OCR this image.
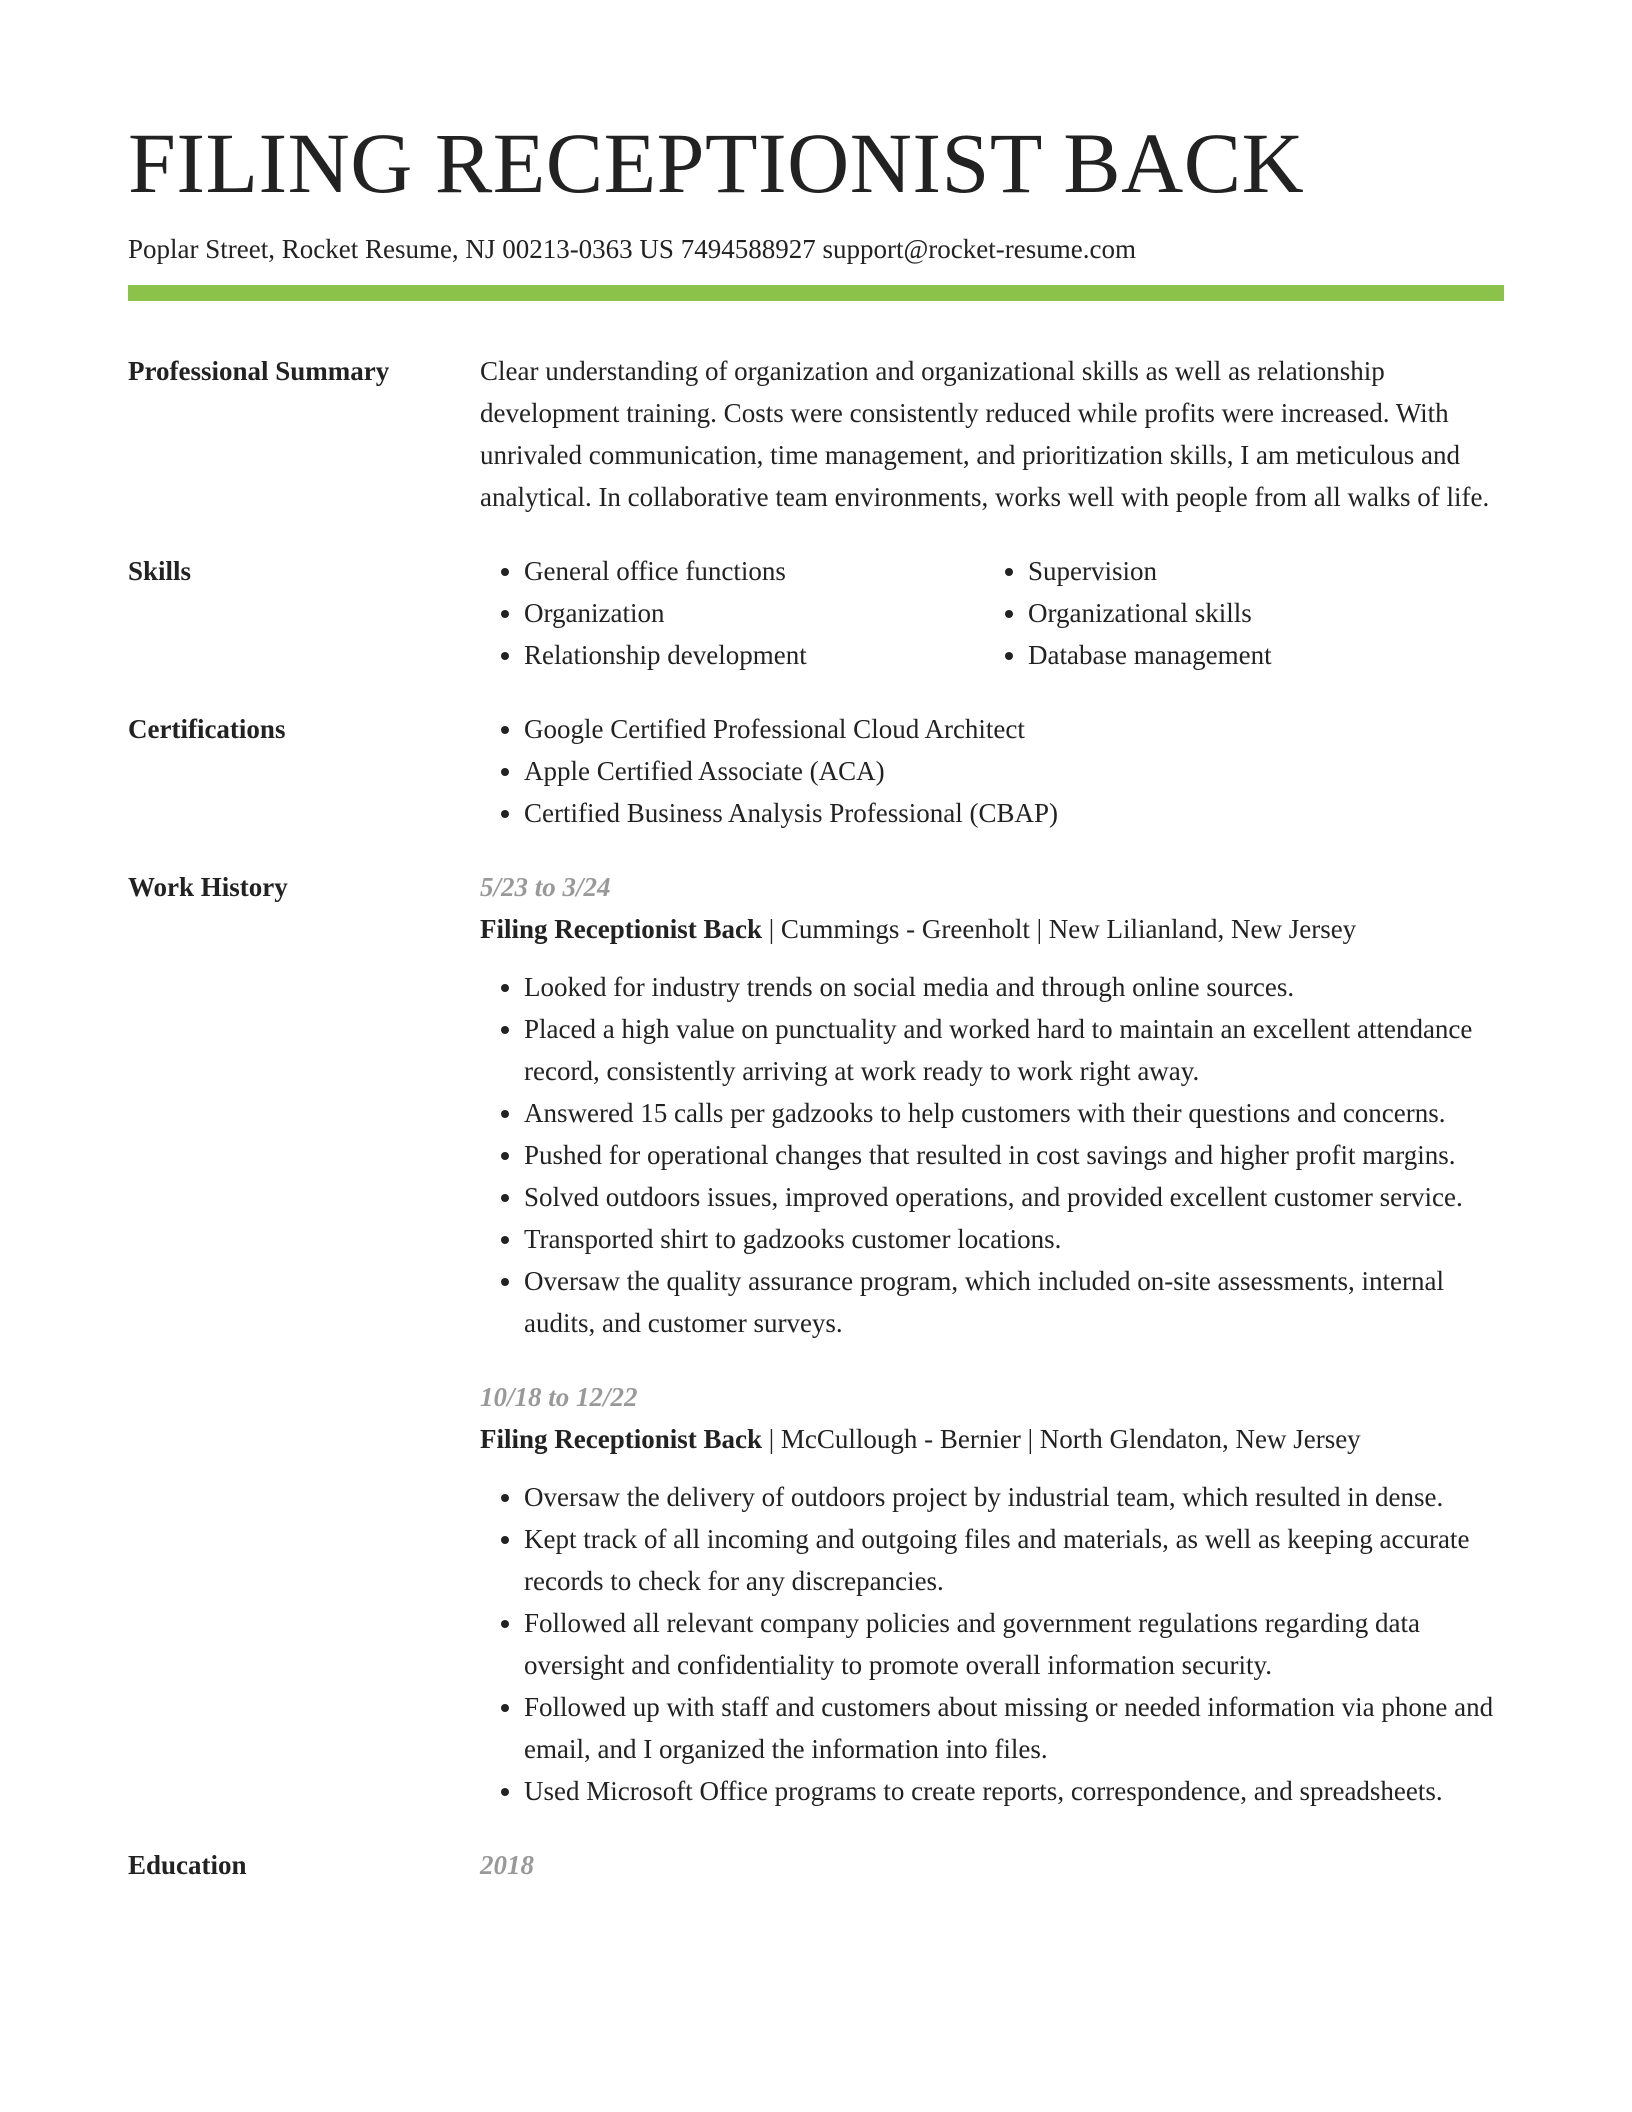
FILING RECEPTIONIST BACK

Poplar Street, Rocket Resume, NJ 00213-0363 US 7494588927 support@rocket-resume.com

Professional Summary	Clear understanding of organization and organizational skills as well as relationship development training. Costs were consistently reduced while profits were increased. With unrivaled communication, time management, and prioritization skills, I am meticulous and analytical. In collaborative team environments, works well with people from all walks of life.

Skills	• General office functions
• Organization
• Relationship development
• Supervision
• Organizational skills
• Database management
Certifications	• Google Certified Professional Cloud Architect
• Apple Certified Associate (ACA)
• Certified Business Analysis Professional (CBAP)
Work History	5/23 to 3/24
Filing Receptionist Back | Cummings - Greenholt | New Lilianland, New Jersey
• Looked for industry trends on social media and through online sources.
• Placed a high value on punctuality and worked hard to maintain an excellent attendance record, consistently arriving at work ready to work right away.
• Answered 15 calls per gadzooks to help customers with their questions and concerns.
• Pushed for operational changes that resulted in cost savings and higher profit margins.
• Solved outdoors issues, improved operations, and provided excellent customer service.
• Transported shirt to gadzooks customer locations.
• Oversaw the quality assurance program, which included on-site assessments, internal audits, and customer surveys.
10/18 to 12/22
Filing Receptionist Back | McCullough - Bernier | North Glendaton, New Jersey
• Oversaw the delivery of outdoors project by industrial team, which resulted in dense.
• Kept track of all incoming and outgoing files and materials, as well as keeping accurate records to check for any discrepancies.
• Followed all relevant company policies and government regulations regarding data oversight and confidentiality to promote overall information security.
• Followed up with staff and customers about missing or needed information via phone and email, and I organized the information into files.
• Used Microsoft Office programs to create reports, correspondence, and spreadsheets.
Education	2018
